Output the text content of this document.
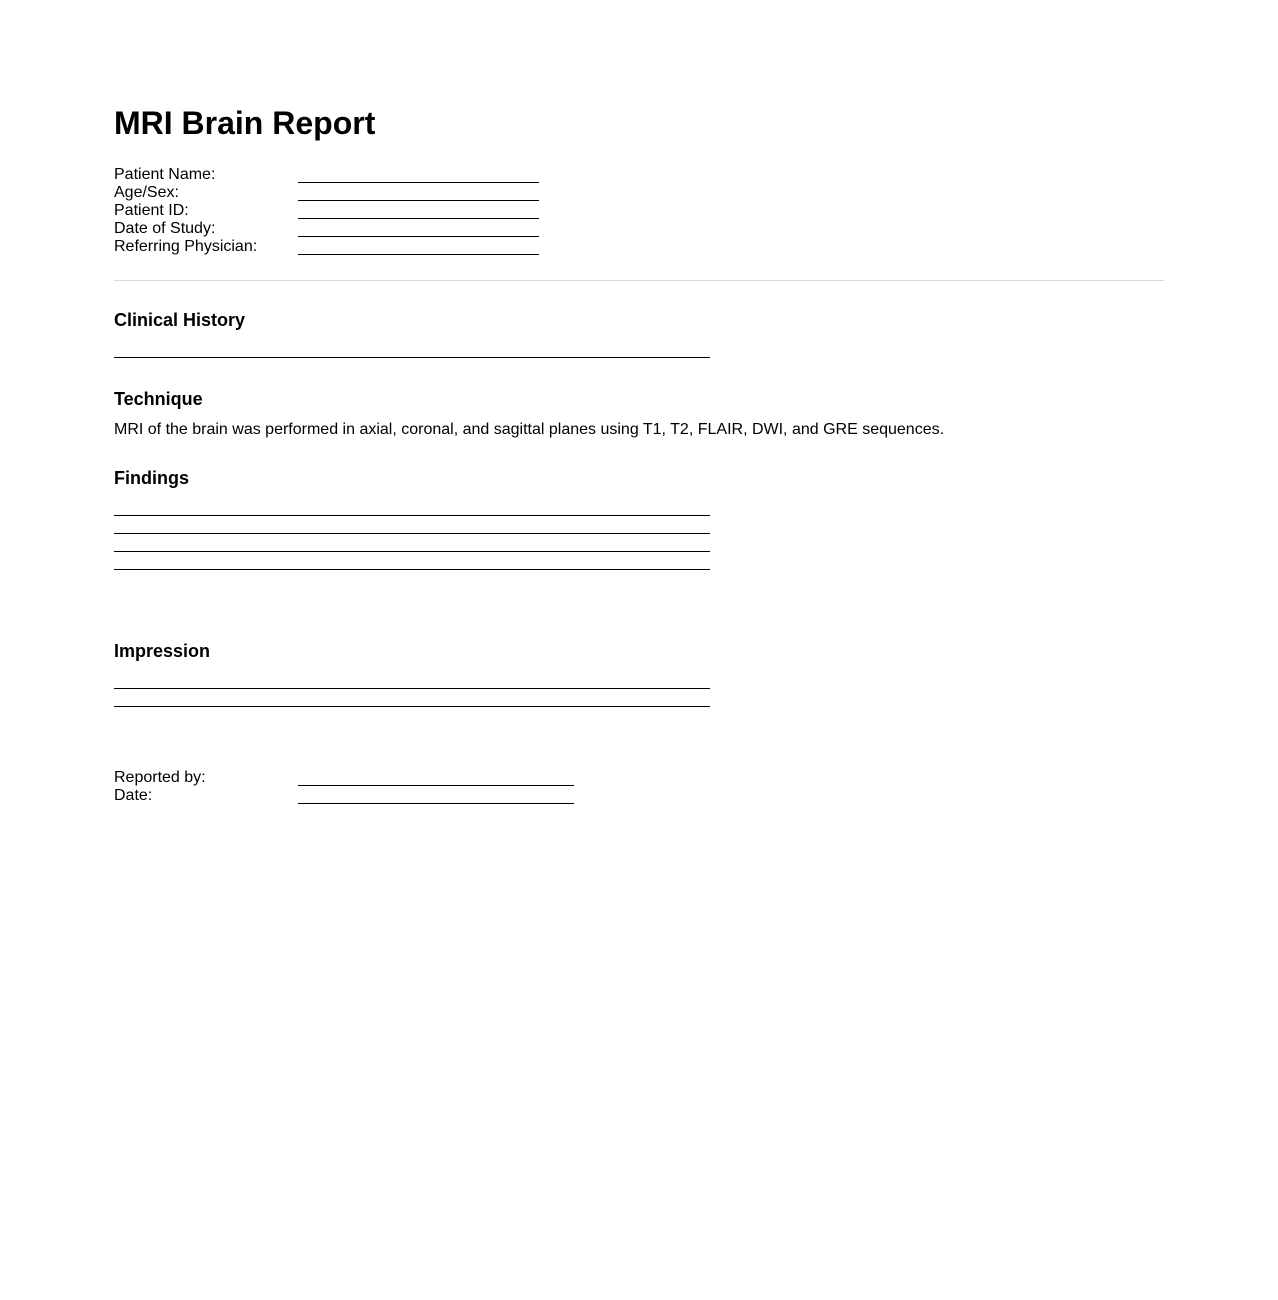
MRI Brain Report
Patient Name:
Age/Sex:
Patient ID:
Date of Study:
Referring Physician:
Clinical History
Technique

MRI of the brain was performed in axial, coronal, and sagittal planes using T1, T2, FLAIR, DWI, and GRE sequences.

Findings
Impression
Reported by:
Date:
